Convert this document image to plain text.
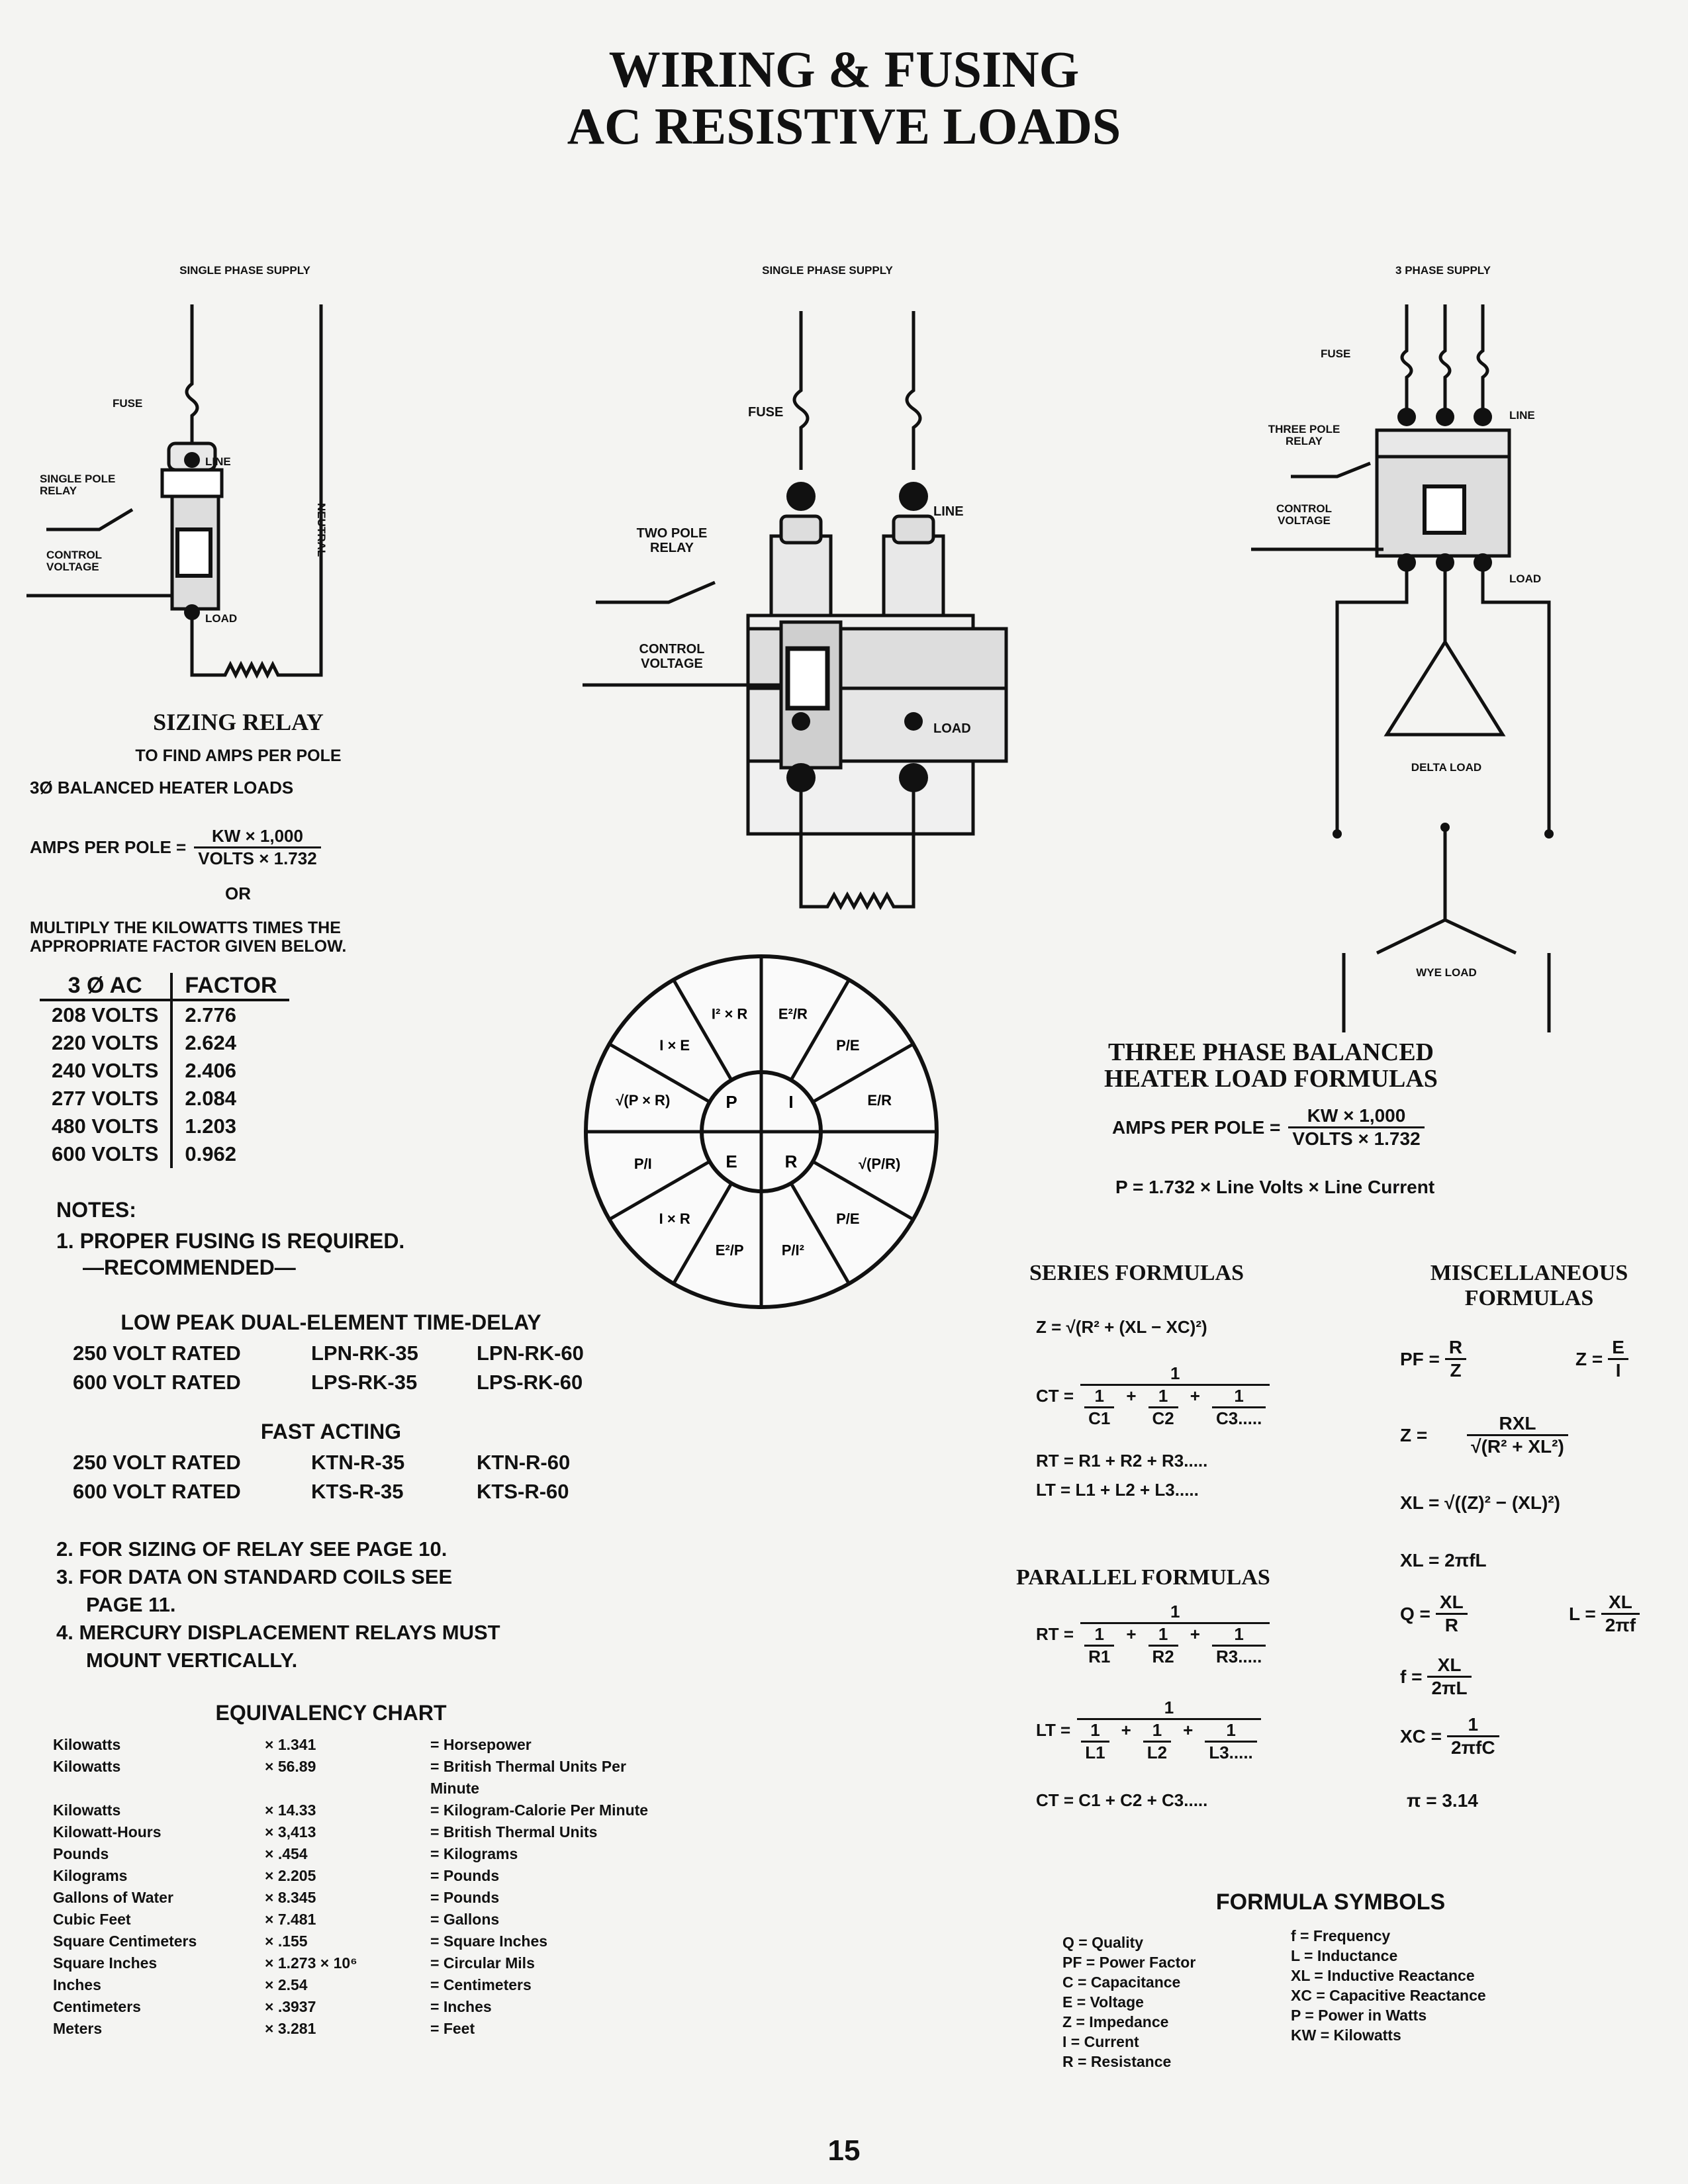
WIRING & FUSING
AC RESISTIVE LOADS
SINGLE PHASE SUPPLY
FUSE
LINE
SINGLE POLE RELAY
CONTROL VOLTAGE
LOAD
NEUTRAL
SINGLE PHASE SUPPLY
FUSE
LINE
TWO POLE RELAY
CONTROL VOLTAGE
LOAD
3 PHASE SUPPLY
FUSE
LINE
THREE POLE RELAY
CONTROL VOLTAGE
LOAD
DELTA LOAD
WYE LOAD
SIZING RELAY
TO FIND AMPS PER POLE
3Ø BALANCED HEATER LOADS
AMPS PER POLE = $\frac{KW \times 1,000}{\text{VOLTS × 1.732}}$
OR
MULTIPLY THE KILOWATTS TIMES THE
APPROPRIATE FACTOR GIVEN BELOW.
3 Ø AC	FACTOR
208 VOLTS	2.776
220 VOLTS	2.624
240 VOLTS	2.406
277 VOLTS	2.084
480 VOLTS	1.203
600 VOLTS	0.962
NOTES:
1. PROPER FUSING IS REQUIRED.
—RECOMMENDED—
LOW PEAK DUAL-ELEMENT TIME-DELAY
250 VOLT RATED	LPN-RK-35	LPN-RK-60
600 VOLT RATED	LPS-RK-35	LPS-RK-60
FAST ACTING
250 VOLT RATED	KTN-R-35	KTN-R-60
600 VOLT RATED	KTS-R-35	KTS-R-60
2. FOR SIZING OF RELAY SEE PAGE 10.
3. FOR DATA ON STANDARD COILS SEE
PAGE 11.
4. MERCURY DISPLACEMENT RELAYS MUST
MOUNT VERTICALLY.
EQUIVALENCY CHART
Kilowatts	× 1.341	= Horsepower
Kilowatts	× 56.89	= British Thermal Units Per Minute
Kilowatts	× 14.33	= Kilogram-Calorie Per Minute
Kilowatt-Hours	× 3,413	= British Thermal Units
Pounds	× .454	= Kilograms
Kilograms	× 2.205	= Pounds
Gallons of Water	× 8.345	= Pounds
Cubic Feet	× 7.481	= Gallons
Square Centimeters	× .155	= Square Inches
Square Inches	× 1.273 × 10⁶	= Circular Mils
Inches	× 2.54	= Centimeters
Centimeters	× .3937	= Inches
Meters	× 3.281	= Feet
P	I
R
E
E²/R
P/E
E/R
√(P/R)
P/E
P/I²
E²/P
I × R
P/I
√(P × R)
I × E
I² × R
THREE PHASE BALANCED
HEATER LOAD FORMULAS
AMPS PER POLE = $\frac{KW \times 1,000}{\text{VOLTS × 1.732}}$
P = 1.732 × Line Volts × Line Current
SERIES FORMULAS
Z = √(R² + (XL − XC)²)
CT = $\frac{1}{\frac{1}{C1} + \frac{1}{C2} + \frac{1}{C3.....}}$
RT = R1 + R2 + R3.....
LT = L1 + L2 + L3.....
PARALLEL FORMULAS
RT = $\frac{1}{\frac{1}{R1} + \frac{1}{R2} + \frac{1}{R3.....}}$
LT = $\frac{1}{\frac{1}{L1} + \frac{1}{L2} + \frac{1}{L3.....}}$
CT = C1 + C2 + C3.....
MISCELLANEOUS
FORMULAS
PF = $\frac{R}{Z}$	$Z = \frac{E}{I}$
$Z = \frac{\text{RXL}}{\text{√(R² + XL²)}}$
XL = √((Z)² − (XL)²)
XL = 2πfL
$Q = \frac{XL}{R}$	$L = \frac{XL}{2\pi f}$
$f = \frac{XL}{2\pi L}$
XC = $\frac{1}{\text{2πfC}}$
π = 3.14
FORMULA SYMBOLS
Q = Quality
PF = Power Factor
C = Capacitance
E = Voltage
Z = Impedance
I = Current
R = Resistance
f = Frequency
L = Inductance
XL = Inductive Reactance
XC = Capacitive Reactance
P = Power in Watts
KW = Kilowatts
15
